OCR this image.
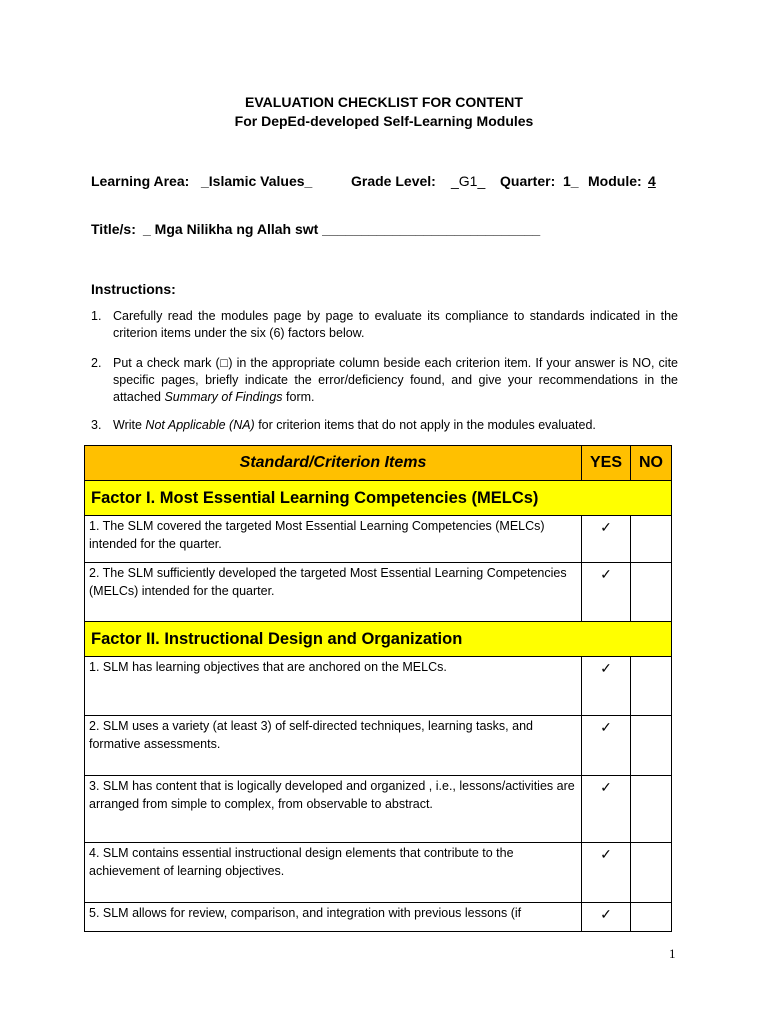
EVALUATION CHECKLIST FOR CONTENT
For DepEd-developed Self-Learning Modules

Learning Area:

_Islamic Values_

	Grade Level:

_G1_

Quarter:

1_

Module:

4

Title/s:

_ Mga Nilikha ng Allah swt ____________________________

Instructions:
1. Carefully read the modules page by page to evaluate its compliance to standards indicated in the criterion items under the six (6) factors below.
2. Put a check mark (□) in the appropriate column beside each criterion item. If your answer is NO, cite specific pages, briefly indicate the error/deficiency found, and give your recommendations in the attached Summary of Findings form.
3. Write Not Applicable (NA) for criterion items that do not apply in the modules evaluated.
Standard/Criterion Items	YES	NO
Factor I. Most Essential Learning Competencies (MELCs)		
1. The SLM covered the targeted Most Essential Learning Competencies (MELCs) intended for the quarter.	✓	
2. The SLM sufficiently developed the targeted Most Essential Learning Competencies (MELCs) intended for the quarter.	✓	
Factor II. Instructional Design and Organization		
1. SLM has learning objectives that are anchored on the MELCs.	✓	
2. SLM uses a variety (at least 3) of self-directed techniques, learning tasks, and formative assessments.	✓	
3. SLM has content that is logically developed and organized , i.e., lessons/activities are arranged from simple to complex, from observable to abstract.	✓	
4. SLM contains essential instructional design elements that contribute to the achievement of learning objectives.	✓	
5. SLM allows for review, comparison, and integration with previous lessons (if	✓	
1
